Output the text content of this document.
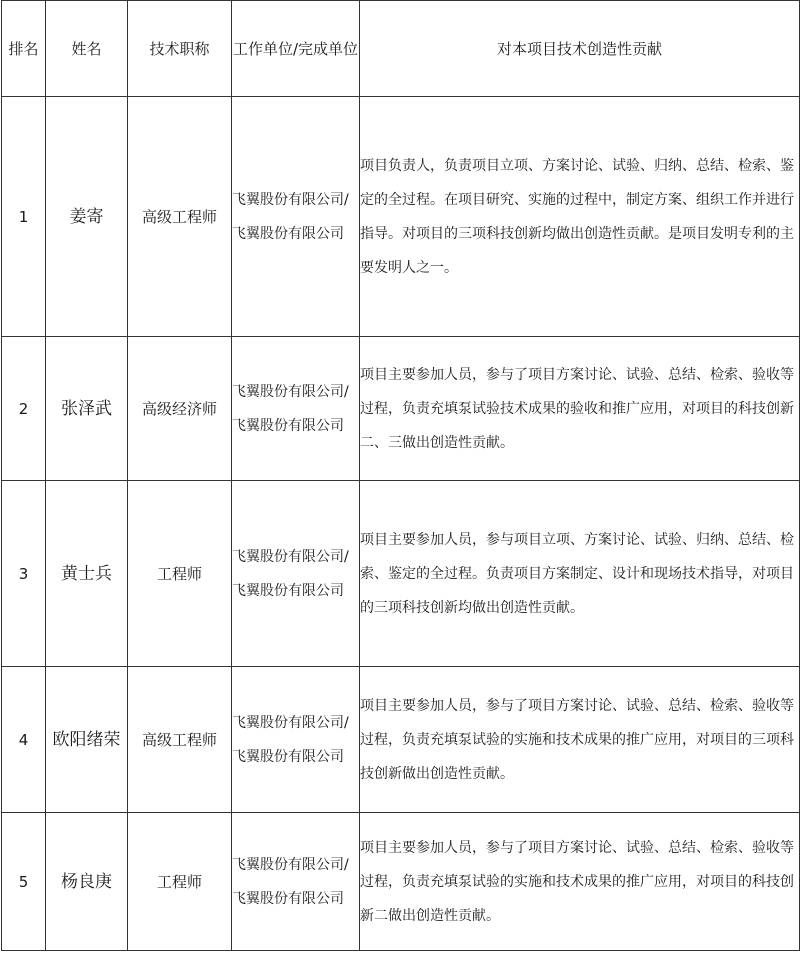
排名	姓名	技术职称	工作单位/完成单位	对本项目技术创造性贡献
1	姜寄	高级工程师	飞翼股份有限公司/飞翼股份有限公司	项目负责人，负责项目立项、方案讨论、试验、归纳、总结、检索、鉴定的全过程。在项目研究、实施的过程中，制定方案、组织工作并进行指导。对项目的三项科技创新均做出创造性贡献。是项目发明专利的主要发明人之一。
2	张泽武	高级经济师	飞翼股份有限公司/飞翼股份有限公司	项目主要参加人员，参与了项目方案讨论、试验、总结、检索、验收等过程，负责充填泵试验技术成果的验收和推广应用，对项目的科技创新二、三做出创造性贡献。
3	黄士兵	工程师	飞翼股份有限公司/飞翼股份有限公司	项目主要参加人员，参与项目立项、方案讨论、试验、归纳、总结、检索、鉴定的全过程。负责项目方案制定、设计和现场技术指导，对项目的三项科技创新均做出创造性贡献。
4	欧阳绪荣	高级工程师	飞翼股份有限公司/飞翼股份有限公司	项目主要参加人员，参与了项目方案讨论、试验、总结、检索、验收等过程，负责充填泵试验的实施和技术成果的推广应用，对项目的三项科技创新做出创造性贡献。
5	杨良庚	工程师	飞翼股份有限公司/飞翼股份有限公司	项目主要参加人员，参与了项目方案讨论、试验、总结、检索、验收等过程，负责充填泵试验的实施和技术成果的推广应用，对项目的科技创新二做出创造性贡献。
